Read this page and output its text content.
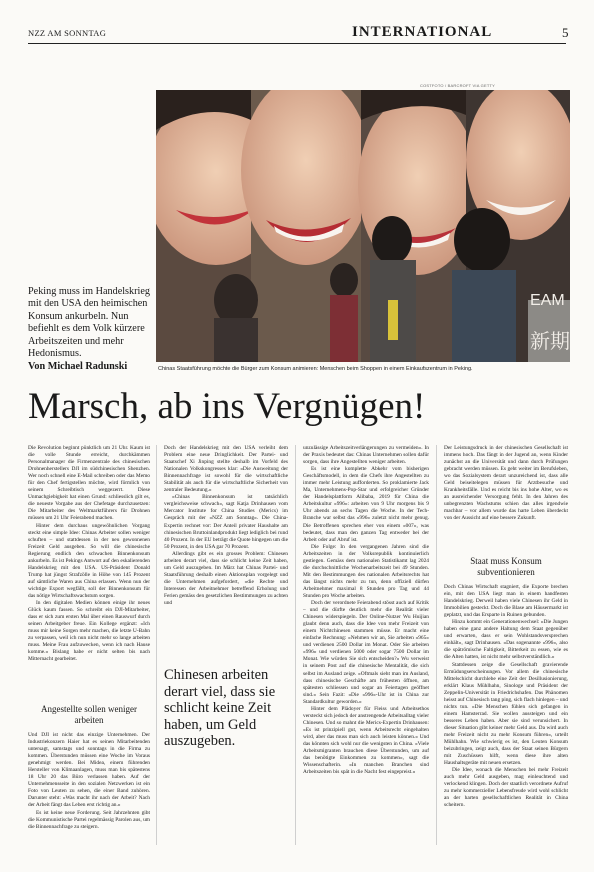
NZZ AM SONNTAG	INTERNATIONAL	5
COSTFOTO / BARCROFT VIA GETTY
EAM
新期
Chinas Staatsführung möchte die Bürger zum Konsum animieren: Menschen beim Shoppen in einem Einkaufszentrum in Peking.
Peking muss im Handelskrieg mit den USA den heimischen Konsum ankurbeln. Nun befiehlt es dem Volk kürzere Arbeitszeiten und mehr Hedonismus.
Von Michael Radunski
Marsch, ab ins Vergnügen!

Die Revolution beginnt pünktlich um 21 Uhr. Kaum ist die volle Stunde erreicht, durchkämmen Personalmanager die Firmenzentrale des chinesischen Drohnenherstellers DJI im südchinesischen Shenzhen. Wer noch schnell eine E-Mail schreiben oder das Memo für den Chef fertigstellen möchte, wird förmlich von seinem Schreibtisch weggezerrt. Diese Unmachgiebigkeit hat einen Grund: schliesslich gilt es, die neueste Vorgabe aus der Chefetage durchzusetzen: Die Mitarbeiter des Weltmarktführers für Drohnen müssen um 21 Uhr Feierabend machen.

Hinter dem durchaus ungewöhnlichen Vorgang steckt eine simple Idee: Chinas Arbeiter sollen weniger schuften – und stattdessen in der neu gewonnenen Freizeit Geld ausgeben. So will die chinesische Regierung endlich den schwachen Binnenkonsum ankurbeln. Es ist Pekings Antwort auf den eskalierenden Handelskrieg mit den USA. US-Präsident Donald Trump hat jüngst Strafzölle in Höhe von 145 Prozent auf sämtliche Waren aus China erlassen. Wenn nun der wichtige Export wegfällt, soll der Binnenkonsum für das nötige Wirtschaftswachstum sorgen.

In den digitalen Medien können einige ihr neues Glück kaum fassen. So schreibt ein DJI-Mitarbeiter, dass er sich zum ersten Mal über einen Rauswurf durch seinen Arbeitgeber freue. Ein Kollege ergänzt: «Ich muss mir keine Sorgen mehr machen, die letzte U-Bahn zu verpassen, weil ich nun nicht mehr so lange arbeiten muss. Meine Frau aufzuwecken, wenn ich nach Hause komme.» Bislang habe er nicht selten bis nach Mitternacht gearbeitet.

Angestellte sollen weniger arbeiten

Und DJI ist nicht das einzige Unternehmen. Der Industriekonzern Haier hat es seinen Mitarbeitenden untersagt, samstags und sonntags in die Firma zu kommen. Überstunden müssen eine Woche im Voraus genehmigt werden. Bei Midea, einem führenden Hersteller von Klimaanlagen, muss man bis spätestens 18 Uhr 20 das Büro verlassen haben. Auf der Unternehmensseite in den sozialen Netzwerken ist ein Foto von Leuten zu sehen, die einer Band zuhören. Darunter steht: «Was macht ihr nach der Arbeit? Nach der Arbeit fängt das Leben erst richtig an.»

Es ist keine neue Forderung. Seit Jahrzehnten gibt die Kommunistische Partei regelmässig Parolen aus, um die Binnennachfrage zu steigern.

Doch der Handelskrieg mit den USA verleiht dem Problem eine neue Dringlichkeit. Der Partei- und Staatschef Xi Jinping stellte deshalb im Vorfeld des Nationalen Volkskongresses klar: «Die Ausweitung der Binnennachfrage ist sowohl für die wirtschaftliche Stabilität als auch für die wirtschaftliche Sicherheit von zentraler Bedeutung.»

«Chinas Binnenkonsum ist tatsächlich vergleichsweise schwach», sagt Katja Drinhausen vom Mercator Institute for China Studies (Merics) im Gespräch mit der «NZZ am Sonntag». Die China-Expertin rechnet vor: Der Anteil privater Haushalte am chinesischen Bruttoinlandprodukt liegt lediglich bei rund 40 Prozent. In der EU beträgt die Quote hingegen um die 50 Prozent, in den USA gar 70 Prozent.

Allerdings gibt es ein grosses Problem: Chinesen arbeiten derart viel, dass sie schlicht keine Zeit haben, um Geld auszugeben. Im März hat Chinas Partei- und Staatsführung deshalb einen Aktionsplan vorgelegt und die Unternehmen aufgefordert, «die Rechte und Interessen der Arbeitnehmer betreffend Erholung und Ferien gemäss den gesetzlichen Bestimmungen zu achten und

Chinesen arbeiten derart viel, dass sie schlicht keine Zeit haben, um Geld auszugeben.

unzulässige Arbeitszeitverlängerungen zu vermeiden». In der Praxis bedeutet das: Chinas Unternehmen sollen dafür sorgen, dass ihre Angestellten weniger arbeiten.

Es ist eine komplette Abkehr vom bisherigen Geschäftsmodell, in dem die Chefs ihre Angestellten zu immer mehr Leistung aufforderten. So proklamierte Jack Ma, Unternehmens-Pop-Star und erfolgreicher Gründer der Handelsplattform Alibaba, 2019 für China die Arbeitskultur «996»: arbeiten von 9 Uhr morgens bis 9 Uhr abends an sechs Tagen die Woche. In der Tech-Branche war selbst das «996» zuletzt nicht mehr genug. Die Betroffenen sprechen eher von einem «007», was bedeutet, dass man den ganzen Tag entweder bei der Arbeit oder auf Abruf ist.

Die Folge: In den vergangenen Jahren sind die Arbeitszeiten in der Volksrepublik kontinuierlich gestiegen. Gemäss dem nationalen Statistikamt lag 2024 die durchschnittliche Wochenarbeitszeit bei 49 Stunden. Mit den Bestimmungen des nationalen Arbeitsrechts hat das längst nichts mehr zu tun, denn offiziell dürfen Arbeitnehmer maximal 8 Stunden pro Tag und 44 Stunden pro Woche arbeiten.

Doch der verordnete Feierabend stösst auch auf Kritik – und die dürfte deutlich mehr die Realität vieler Chinesen widerspiegeln. Der Online-Nutzer Wu Huijian glaubt denn auch, dass die Idee von mehr Freizeit von einem Nichtchinesen stammen müsse. Er macht eine einfache Rechnung: «Nehmen wir an, Sie arbeiten «965» und verdienen 2500 Dollar im Monat. Oder Sie arbeiten «996» und verdienen 5000 oder sogar 7500 Dollar im Monat. Wie würden Sie sich entscheiden?» Wu verweist in seinem Post auf die chinesische Mentalität, die sich selbst im Ausland zeige. «Oftmals sieht man im Ausland, dass chinesische Geschäfte am frühesten öffnen, am spätesten schliessen und sogar an Feiertagen geöffnet sind.» Sein Fazit: «Die «996»-Uhr ist in China zur Standardkultur geworden.»

Hinter dem Plädoyer für Fleiss und Arbeitsethos versteckt sich jedoch der anstrengende Arbeitsalltag vieler Chinesen. Und so mahnt die Merics-Expertin Drinhausen: «Es ist prinzipiell gut, wenn Arbeitsrecht eingehalten wird, aber das muss man sich auch leisten können.» Und das könnten sich wohl nur die wenigsten in China. «Viele Arbeitsmigranten brauchen diese Überstunden, um auf das benötigte Einkommen zu kommen», sagt die Wissenschafterin. «In manchen Branchen sind Arbeitszeiten bis spät in die Nacht fest eingepreist.»

Der Leistungsdruck in der chinesischen Gesellschaft ist immens hoch. Das fängt in der Jugend an, wenn Kinder zunächst an die Universität und dann durch Prüfungen gebracht werden müssen. Es geht weiter im Berufsleben, wo das Sozialsystem derart unzureichend ist, dass alle Geld beiseitelegen müssen für Arztbesuche und Krankheitsfälle. Und es reicht bis ins hohe Alter, wo es an ausreichender Versorgung fehlt. In den Jahren des unbegrenzten Wachstums schien das alles irgendwie machbar – vor allem wurde das harte Leben überdeckt von der Aussicht auf eine bessere Zukunft.

Staat muss Konsum subventionieren

Doch Chinas Wirtschaft stagniert, die Exporte brechen ein, mit den USA liegt man in einem handfesten Handelskrieg. Derweil haben viele Chinesen ihr Geld in Immobilien gesteckt. Doch die Blase am Häusermarkt ist geplatzt, und das Ersparte in Ruinen gebunden.

Hinzu kommt ein Generationenwechsel: «Die Jungen haben eine ganz andere Haltung dem Staat gegenüber und erwarten, dass er sein Wohlstandsversprechen einhält», sagt Drinhausen. «Das sogenannte «996», also die spätrömische Faltigkeit, Bitterkeit zu essen, wie es die Alten hatten, ist nicht mehr selbstverständlich.»

Stattdessen zeige die Gesellschaft gravierende Ermüdungserscheinungen. Vor allem die chinesische Mittelschicht durchlebe eine Zeit der Desillusionierung, erklärt Klaus Mühlhahn, Sinologe und Präsident der Zeppelin-Universität in Friedrichshafen. Das Phänomen heisst auf Chinesisch tang ping, sich flach hinlegen – und nichts tun. «Die Menschen fühlen sich gefangen in einem Hamsterrad. Sie wollen aussteigen und ein besseres Leben haben. Aber sie sind verunsichert. In dieser Situation gibt keiner mehr Geld aus. Da wird auch mehr Freizeit nicht zu mehr Konsum führen», urteilt Mühlhahn. Wie schwierig es ist, den Leuten Konsum beizubringen, zeigt auch, dass der Staat seinen Bürgern mit Zuschüssen hilft, wenn diese ihre alten Haushaltsgeräte mit neuen ersetzen.

Die Idee, wonach die Menschen bei mehr Freizeit auch mehr Geld ausgeben, mag einleuchtend und verlockend klingen. Doch der staatlich verordnete Aufruf zu mehr kommerzieller Lebensfreude wird wohl schlicht an der harten gesellschaftlichen Realität in China scheitern.
